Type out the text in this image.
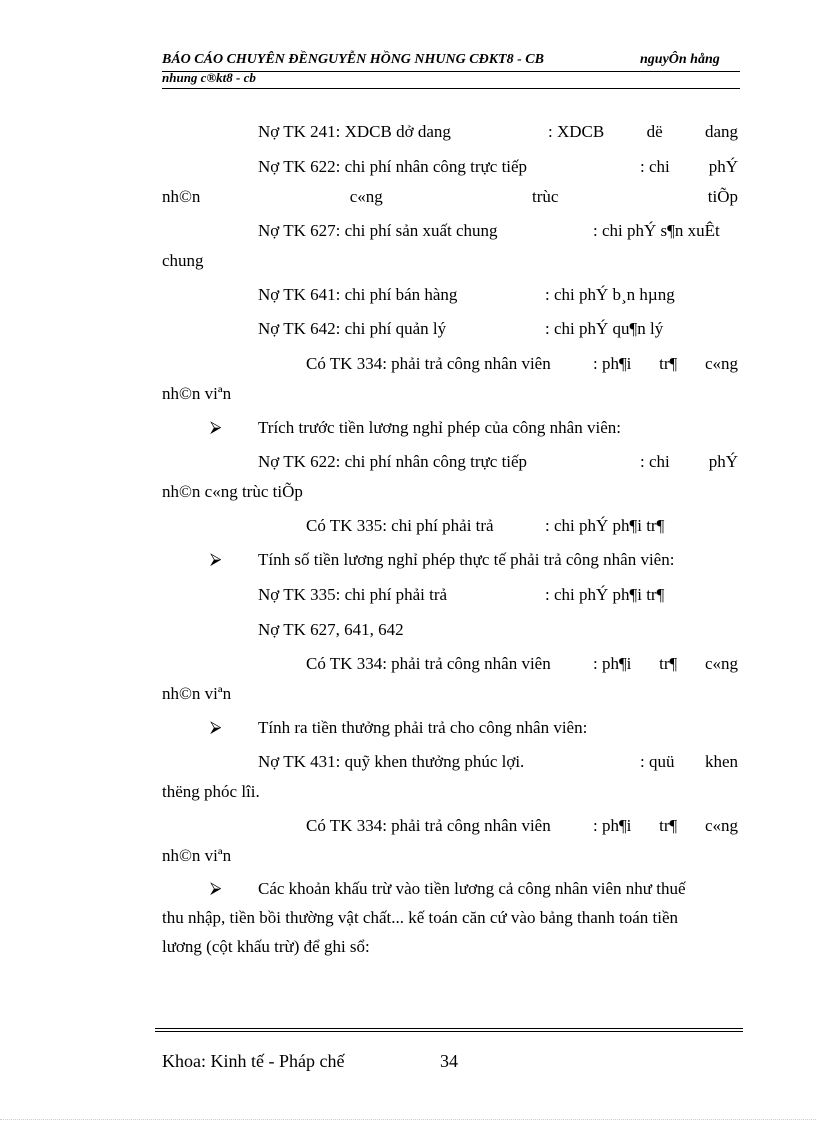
BÁO CÁO CHUYÊN ĐỀNGUYỄN HỒNG NHUNG CĐKT8 - CB	nguyÔn hång
nhung c®kt8 - cb
Nợ TK 241: XDCB dở dang	: XDCB dë dang
Nợ TK 622: chi phí nhân công trực tiếp	: chi phÝ
nh©n	c«ng	trùc	tiÕp
Nợ TK 627: chi phí sản xuất chung	: chi phÝ s¶n xuÊt
chung
Nợ TK 641: chi phí bán hàng	: chi phÝ b¸n hµng
Nợ TK 642: chi phí quản lý	: chi phÝ qu¶n lý
Có TK 334: phải trả công nhân viên : ph¶i tr¶ c«ng
nh©n viªn
⮚ Trích trước tiền lương nghỉ phép của công nhân viên:
Nợ TK 622: chi phí nhân công trực tiếp	: chi phÝ
nh©n c«ng trùc tiÕp
Có TK 335: chi phí phải trả	: chi phÝ ph¶i tr¶
⮚ Tính số tiền lương nghỉ phép thực tế phải trả công nhân viên:
Nợ TK 335: chi phí phải trả	: chi phÝ ph¶i tr¶
Nợ TK 627, 641, 642
Có TK 334: phải trả công nhân viên : ph¶i tr¶ c«ng
nh©n viªn
⮚ Tính ra tiền thưởng phải trả cho công nhân viên:
Nợ TK 431: quỹ khen thưởng phúc lợi.	: quü khen
thëng phóc lîi.
Có TK 334: phải trả công nhân viên : ph¶i tr¶ c«ng
nh©n viªn
⮚ Các khoản khấu trừ vào tiền lương cả công nhân viên như thuế
thu nhập, tiền bồi thường vật chất... kế toán căn cứ vào bảng thanh toán tiền
lương (cột khấu trừ) để ghi sổ:
Khoa: Kinh tế - Pháp chế	34
